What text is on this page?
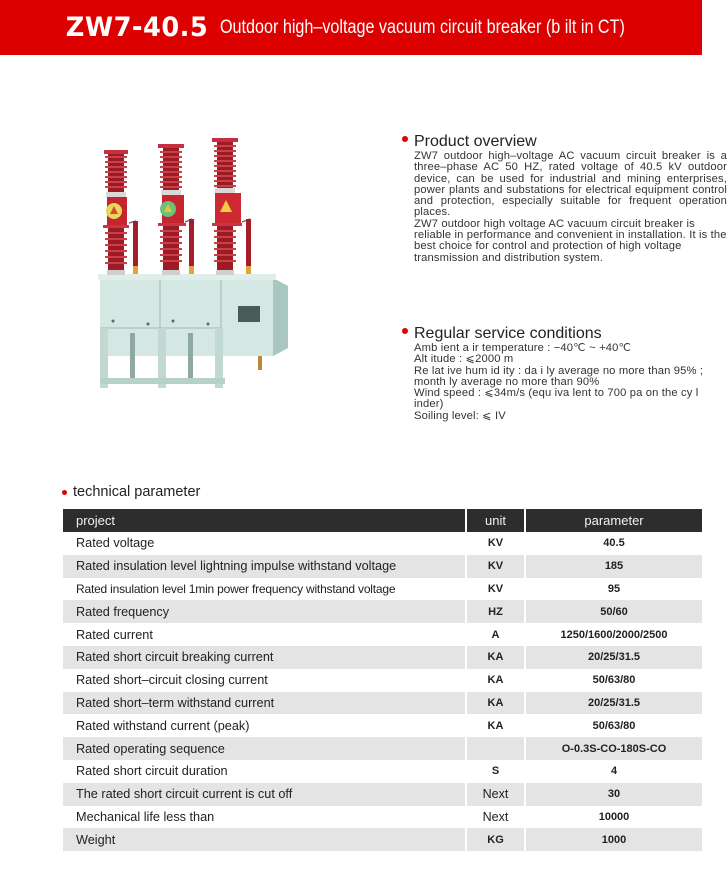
ZW7-40.5 Outdoor high–voltage vacuum circuit breaker (b ilt in CT)
Product overview

ZW7 outdoor high–voltage AC vacuum circuit breaker is a three–phase AC 50 HZ, rated voltage of 40.5 kV outdoor device, can be used for industrial and mining enterprises, power plants and substations for electrical equipment control and protection, especially suitable for frequent operation places.

ZW7 outdoor high voltage AC vacuum circuit breaker is reliable in performance and convenient in installation. It is the best choice for control and protection of high voltage transmission and distribution system.

Regular service conditions

Amb ient a ir temperature : −40℃ ~ +40℃

Alt itude : ⩽2000 m

Re lat ive hum id ity : da i ly average no more than 95% ; month ly average no more than 90%

Wind speed : ⩽34m/s (equ iva lent to 700 pa on the cy l inder)

Soiling level: ⩽ IV

technical parameter
project	unit	parameter
Rated voltage	KV	40.5
Rated insulation level lightning impulse withstand voltage	KV	185
Rated insulation level 1min power frequency withstand voltage	KV	95
Rated frequency	HZ	50/60
Rated current	A	1250/1600/2000/2500
Rated short circuit breaking current	KA	20/25/31.5
Rated short–circuit closing current	KA	50/63/80
Rated short–term withstand current	KA	20/25/31.5
Rated withstand current (peak)	KA	50/63/80
Rated operating sequence		O-0.3S-CO-180S-CO
Rated short circuit duration	S	4
The rated short circuit current is cut off	Next	30
Mechanical life less than	Next	10000
Weight	KG	1000
